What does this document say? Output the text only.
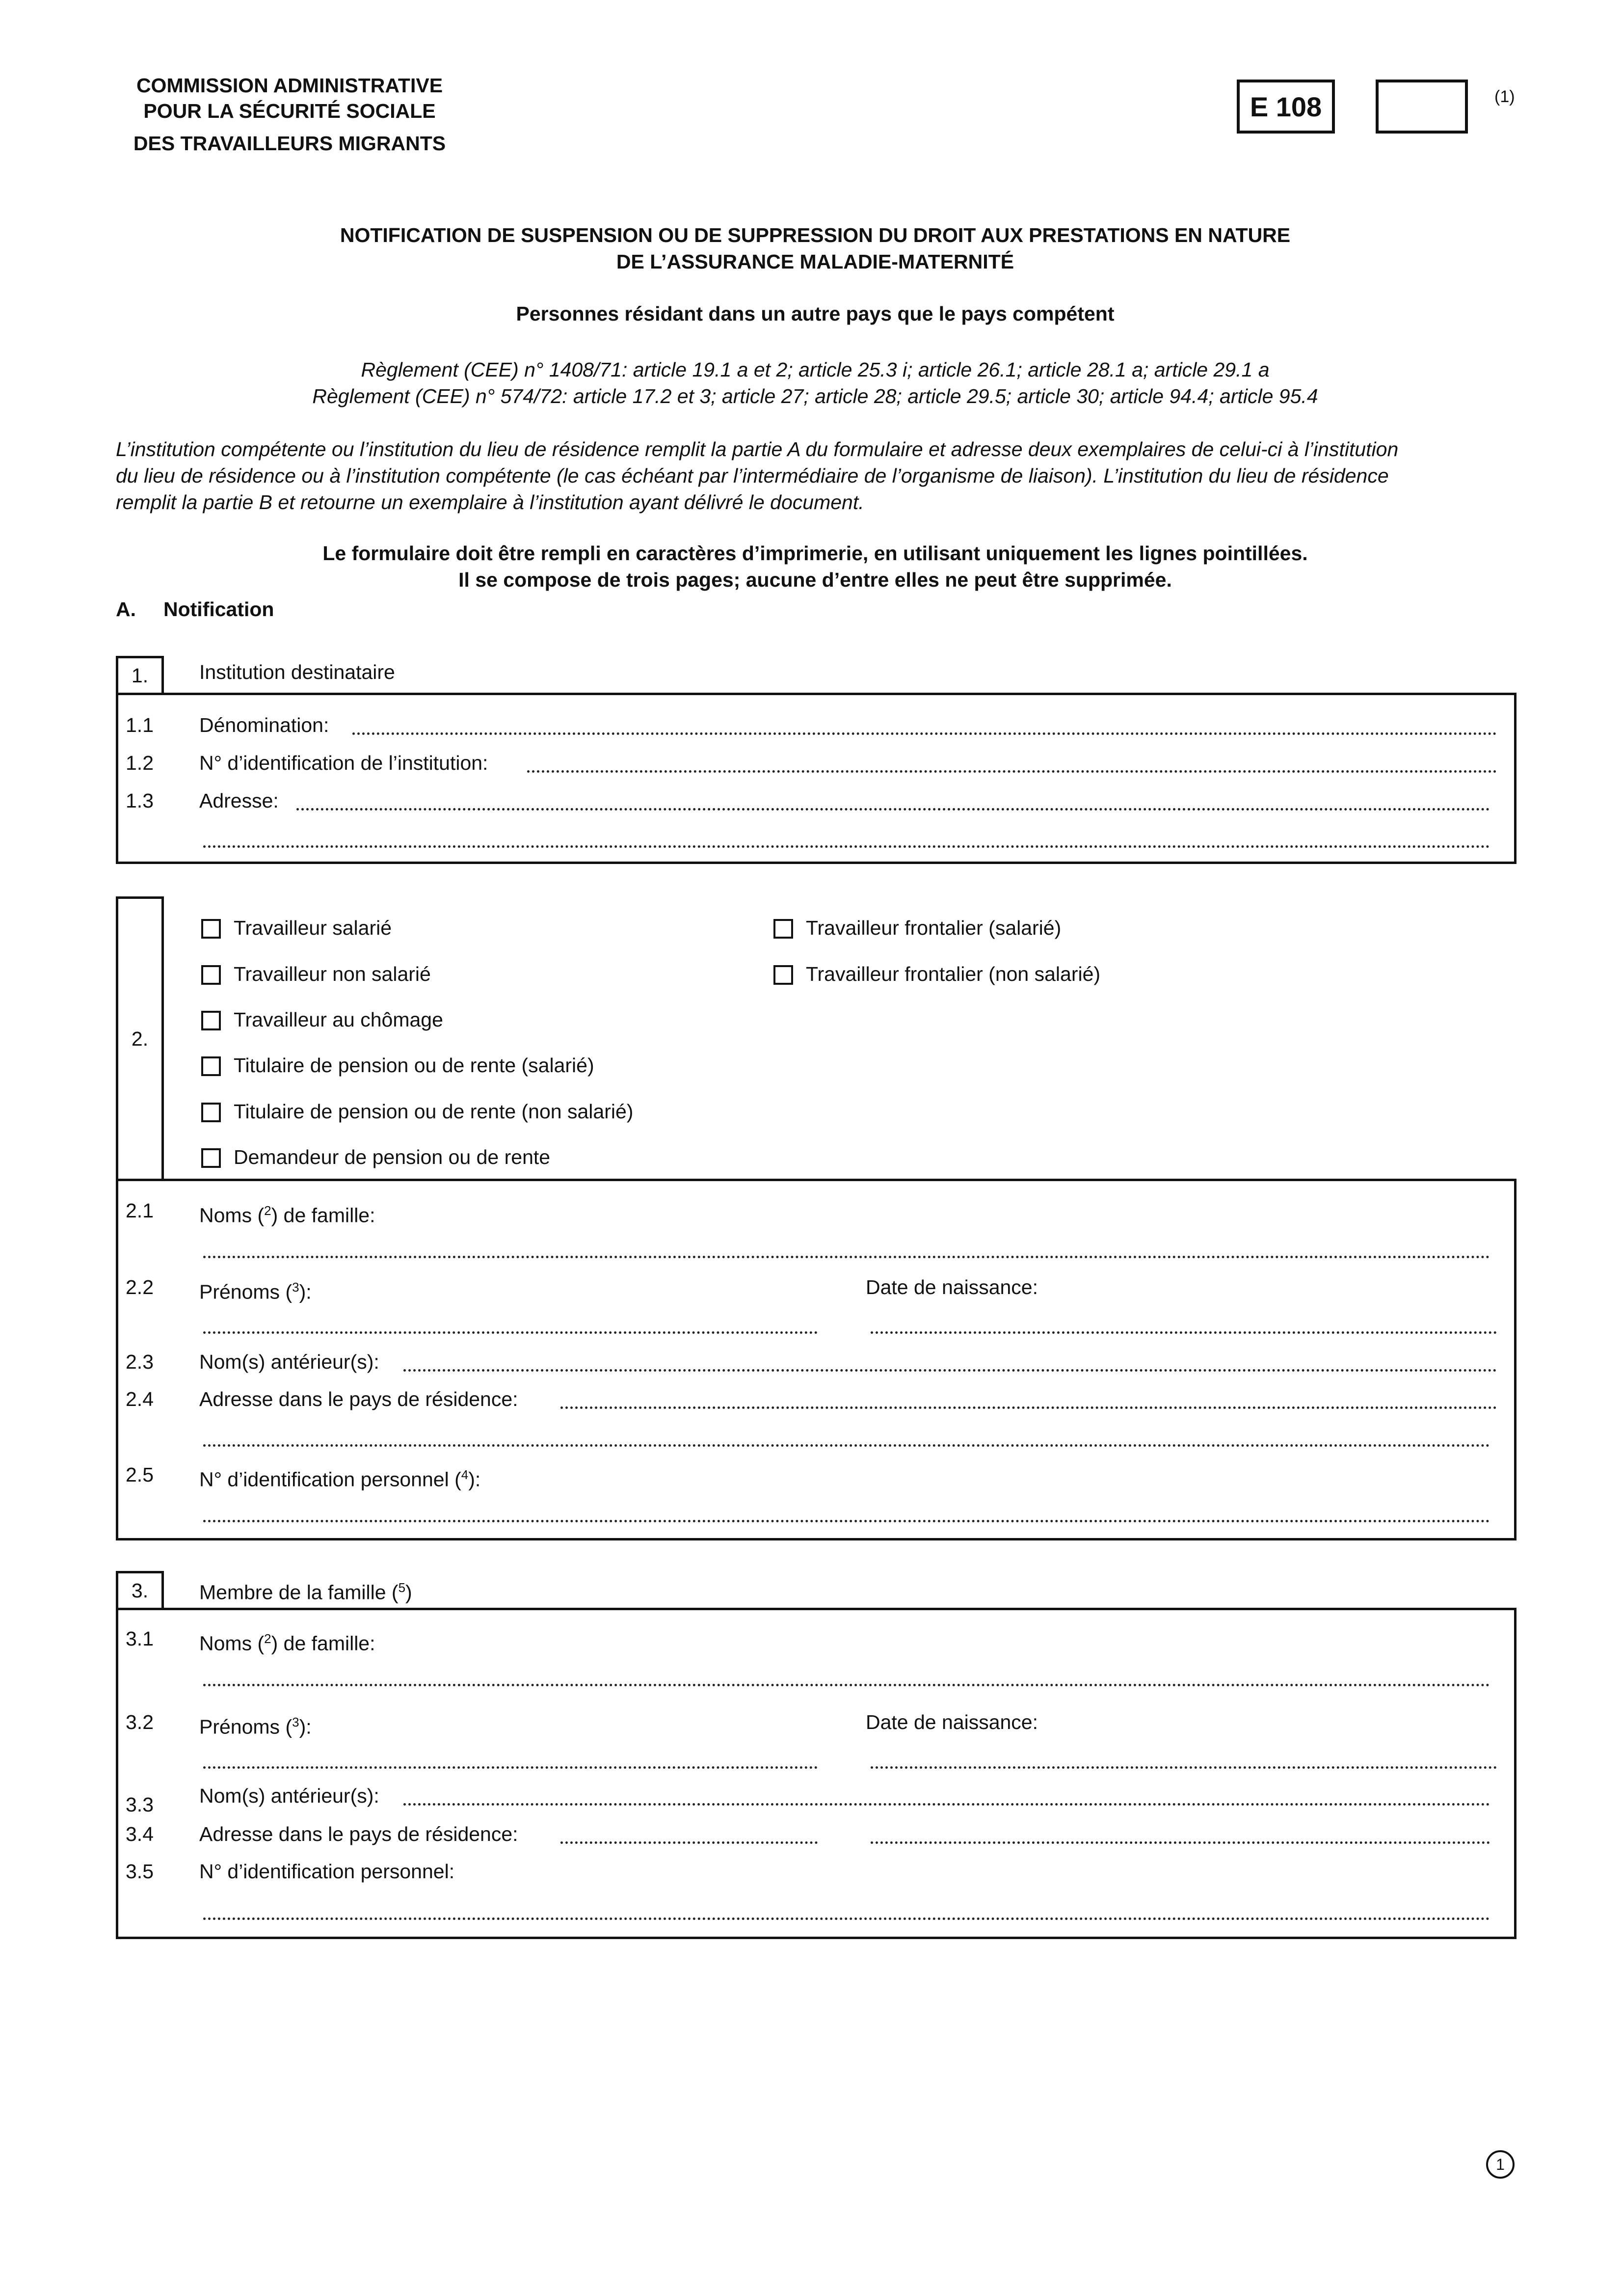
COMMISSION ADMINISTRATIVE
POUR LA SÉCURITÉ SOCIALE
DES TRAVAILLEURS MIGRANTS
E 108	(1)
NOTIFICATION DE SUSPENSION OU DE SUPPRESSION DU DROIT AUX PRESTATIONS EN NATURE
DE L’ASSURANCE MALADIE-MATERNITÉ
Personnes résidant dans un autre pays que le pays compétent
Règlement (CEE) n° 1408/71: article 19.1 a et 2; article 25.3 i; article 26.1; article 28.1 a; article 29.1 a
Règlement (CEE) n° 574/72: article 17.2 et 3; article 27; article 28; article 29.5; article 30; article 94.4; article 95.4
L’institution compétente ou l’institution du lieu de résidence remplit la partie A du formulaire et adresse deux exemplaires de celui-ci à l’institution
du lieu de résidence ou à l’institution compétente (le cas échéant par l’intermédiaire de l’organisme de liaison). L’institution du lieu de résidence
remplit la partie B et retourne un exemplaire à l’institution ayant délivré le document.
Le formulaire doit être rempli en caractères d’imprimerie, en utilisant uniquement les lignes pointillées.
Il se compose de trois pages; aucune d’entre elles ne peut être supprimée.
A. Notification
1.	Institution destinataire
1.1 Dénomination:
1.2 N° d’identification de l’institution:
1.3 Adresse:
2.
Travailleur salarié	Travailleur frontalier (salarié)
Travailleur non salarié	Travailleur frontalier (non salarié)
Travailleur au chômage
Titulaire de pension ou de rente (salarié)
Titulaire de pension ou de rente (non salarié)
Demandeur de pension ou de rente
2.1 Noms ($^2$) de famille:
2.2 Prénoms ($^3$):	Date de naissance:
2.3 Nom(s) antérieur(s):
2.4 Adresse dans le pays de résidence:
2.5 N° d’identification personnel ($^4$):
3.	Membre de la famille ($^5$)
3.1 Noms ($^2$) de famille:
3.2 Prénoms ($^3$):	Date de naissance:
3.3 Nom(s) antérieur(s):
3.4 Adresse dans le pays de résidence:
3.5 N° d’identification personnel:
1
